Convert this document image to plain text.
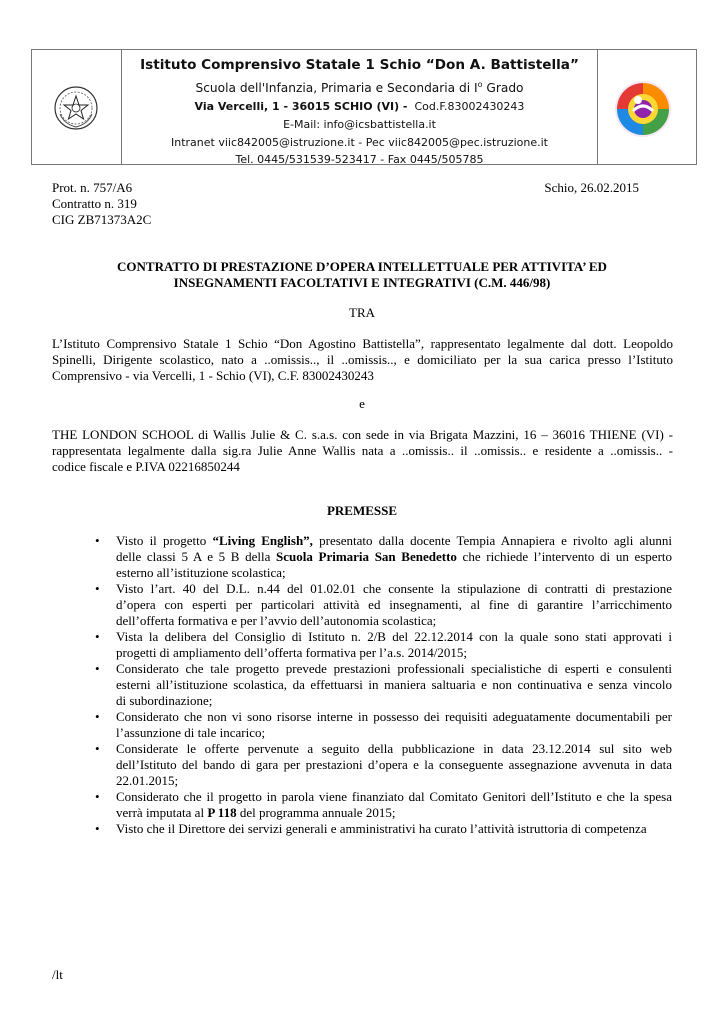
Istituto Comprensivo Statale 1 Schio “Don A. Battistella”
Scuola dell'Infanzia, Primaria e Secondaria di $I^o$ Grado
Via Vercelli, 1 - 36015 SCHIO (VI) - Cod.F.83002430243
E-Mail: info@icsbattistella.it
Intranet viic842005@istruzione.it - Pec viic842005@pec.istruzione.it
Tel. 0445/531539-523417 - Fax 0445/505785
Prot. n. 757/A6
Contratto n. 319
CIG ZB71373A2C
Schio, 26.02.2015
CONTRATTO DI PRESTAZIONE D’OPERA INTELLETTUALE PER ATTIVITA’ ED
INSEGNAMENTI FACOLTATIVI E INTEGRATIVI (C.M. 446/98)
TRA
L’Istituto Comprensivo Statale 1 Schio “Don Agostino Battistella”, rappresentato legalmente dal dott. Leopoldo
Spinelli, Dirigente scolastico, nato a ..omissis.., il ..omissis.., e domiciliato per la sua carica presso l’Istituto
Comprensivo - via Vercelli, 1 - Schio (VI), C.F. 83002430243
e
THE LONDON SCHOOL di Wallis Julie & C. s.a.s. con sede in via Brigata Mazzini, 16 – 36016 THIENE (VI) -
rappresentata legalmente dalla sig.ra Julie Anne Wallis nata a ..omissis.. il ..omissis.. e residente a ..omissis.. -
codice fiscale e P.IVA 02216850244
PREMESSE
• Visto il progetto “Living English”, presentato dalla docente Tempia Annapiera e rivolto agli alunni
delle classi 5 A e 5 B della Scuola Primaria San Benedetto che richiede l’intervento di un esperto
esterno all’istituzione scolastica;
• Visto l’art. 40 del D.L. n.44 del 01.02.01 che consente la stipulazione di contratti di prestazione
d’opera con esperti per particolari attività ed insegnamenti, al fine di garantire l’arricchimento
dell’offerta formativa e per l’avvio dell’autonomia scolastica;
• Vista la delibera del Consiglio di Istituto n. 2/B del 22.12.2014 con la quale sono stati approvati i
progetti di ampliamento dell’offerta formativa per l’a.s. 2014/2015;
• Considerato che tale progetto prevede prestazioni professionali specialistiche di esperti e consulenti
esterni all’istituzione scolastica, da effettuarsi in maniera saltuaria e non continuativa e senza vincolo
di subordinazione;
• Considerato che non vi sono risorse interne in possesso dei requisiti adeguatamente documentabili per
l’assunzione di tale incarico;
• Considerate le offerte pervenute a seguito della pubblicazione in data 23.12.2014 sul sito web
dell’Istituto del bando di gara per prestazioni d’opera e la conseguente assegnazione avvenuta in data
22.01.2015;
• Considerato che il progetto in parola viene finanziato dal Comitato Genitori dell’Istituto e che la spesa
verrà imputata al P 118 del programma annuale 2015;
• Visto che il Direttore dei servizi generali e amministrativi ha curato l’attività istruttoria di competenza
/lt
